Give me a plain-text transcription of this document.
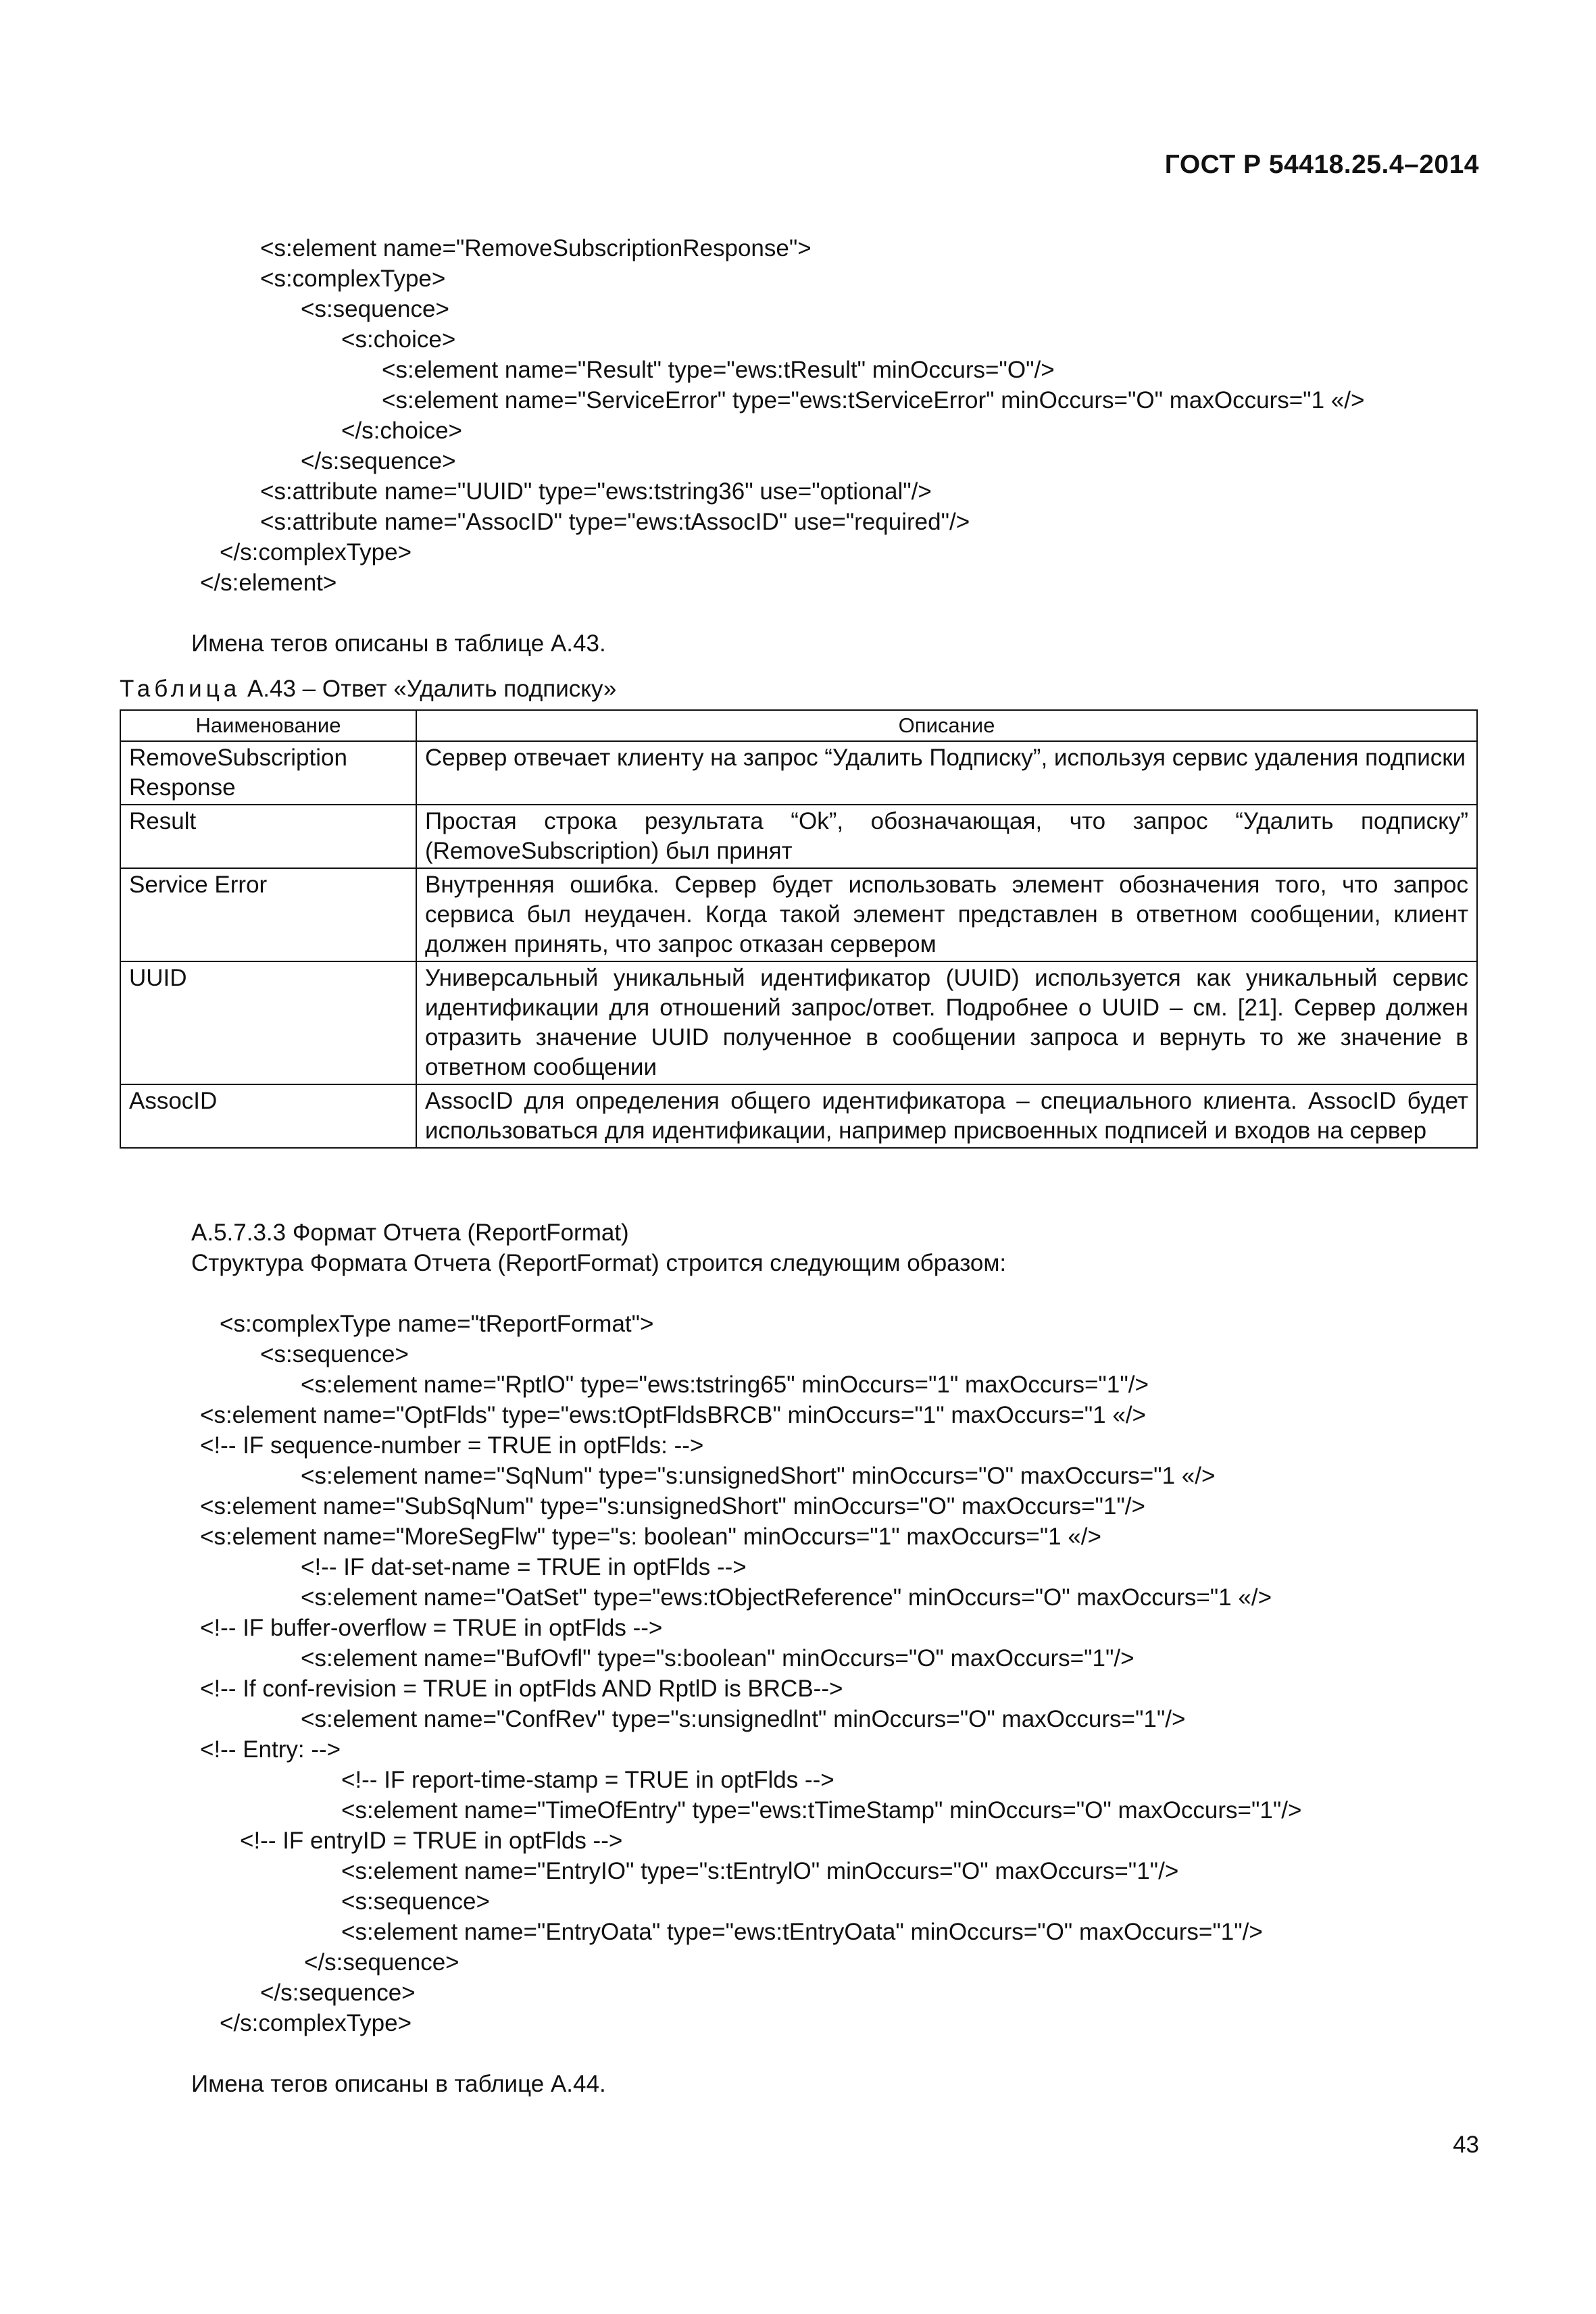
ГОСТ Р 54418.25.4–2014
<s:element name="RemoveSubscriptionResponse">
<s:complexType>
<s:sequence>
<s:choice>
<s:element name="Result" type="ews:tResult" minOccurs="O"/>
<s:element name="ServiceError" type="ews:tServiceError" minOccurs="O" maxOccurs="1 «/>
</s:choice>
</s:sequence>
<s:attribute name="UUID" type="ews:tstring36" use="optional"/>
<s:attribute name="AssocID" type="ews:tAssocID" use="required"/>
</s:complexType>
</s:element>
Имена тегов описаны в таблице А.43.
Таблица А.43 – Ответ «Удалить подписку»
Наименование	Описание
RemoveSubscription Response	Сервер отвечает клиенту на запрос “Удалить Подписку”, используя сервис удаления подписки
Result	Простая строка результата “Ok”, обозначающая, что запрос “Удалить подписку” (RemoveSubscription) был принят
Service Error	Внутренняя ошибка. Сервер будет использовать элемент обозначения того, что запрос сервиса был неудачен. Когда такой элемент представлен в ответном сообщении, клиент должен принять, что запрос отказан сервером
UUID	Универсальный уникальный идентификатор (UUID) используется как уникальный сервис идентификации для отношений запрос/ответ. Подробнее о UUID – см. [21]. Сервер должен отразить значение UUID полученное в сообщении запроса и вернуть то же значение в ответном сообщении
AssocID	AssocID для определения общего идентификатора – специального клиента. AssocID будет использоваться для идентификации, например присвоенных подписей и входов на сервер
А.5.7.3.3 Формат Отчета (ReportFormat)
Структура Формата Отчета (ReportFormat) строится следующим образом:
<s:complexType name="tReportFormat">
<s:sequence>
<s:element name="RptlO" type="ews:tstring65" minOccurs="1" maxOccurs="1"/>
<s:element name="OptFlds" type="ews:tOptFldsBRCB" minOccurs="1" maxOccurs="1 «/>
<!-- IF sequence-number = TRUE in optFlds: -->
<s:element name="SqNum" type="s:unsignedShort" minOccurs="O" maxOccurs="1 «/>
<s:element name="SubSqNum" type="s:unsignedShort" minOccurs="O" maxOccurs="1"/>
<s:element name="MoreSegFlw" type="s: boolean" minOccurs="1" maxOccurs="1 «/>
<!-- IF dat-set-name = TRUE in optFlds -->
<s:element name="OatSet" type="ews:tObjectReference" minOccurs="O" maxOccurs="1 «/>
<!-- IF buffer-overflow = TRUE in optFlds -->
<s:element name="BufOvfl" type="s:boolean" minOccurs="O" maxOccurs="1"/>
<!-- If conf-revision = TRUE in optFlds AND RptlD is BRCB-->
<s:element name="ConfRev" type="s:unsignedlnt" minOccurs="O" maxOccurs="1"/>
<!-- Entry: -->
<!-- IF report-time-stamp = TRUE in optFlds -->
<s:element name="TimeOfEntry" type="ews:tTimeStamp" minOccurs="O" maxOccurs="1"/>
<!-- IF entryID = TRUE in optFlds -->
<s:element name="EntryIO" type="s:tEntrylO" minOccurs="O" maxOccurs="1"/>
<s:sequence>
<s:element name="EntryOata" type="ews:tEntryOata" minOccurs="O" maxOccurs="1"/>
</s:sequence>
</s:sequence>
</s:complexType>
Имена тегов описаны в таблице А.44.
43
